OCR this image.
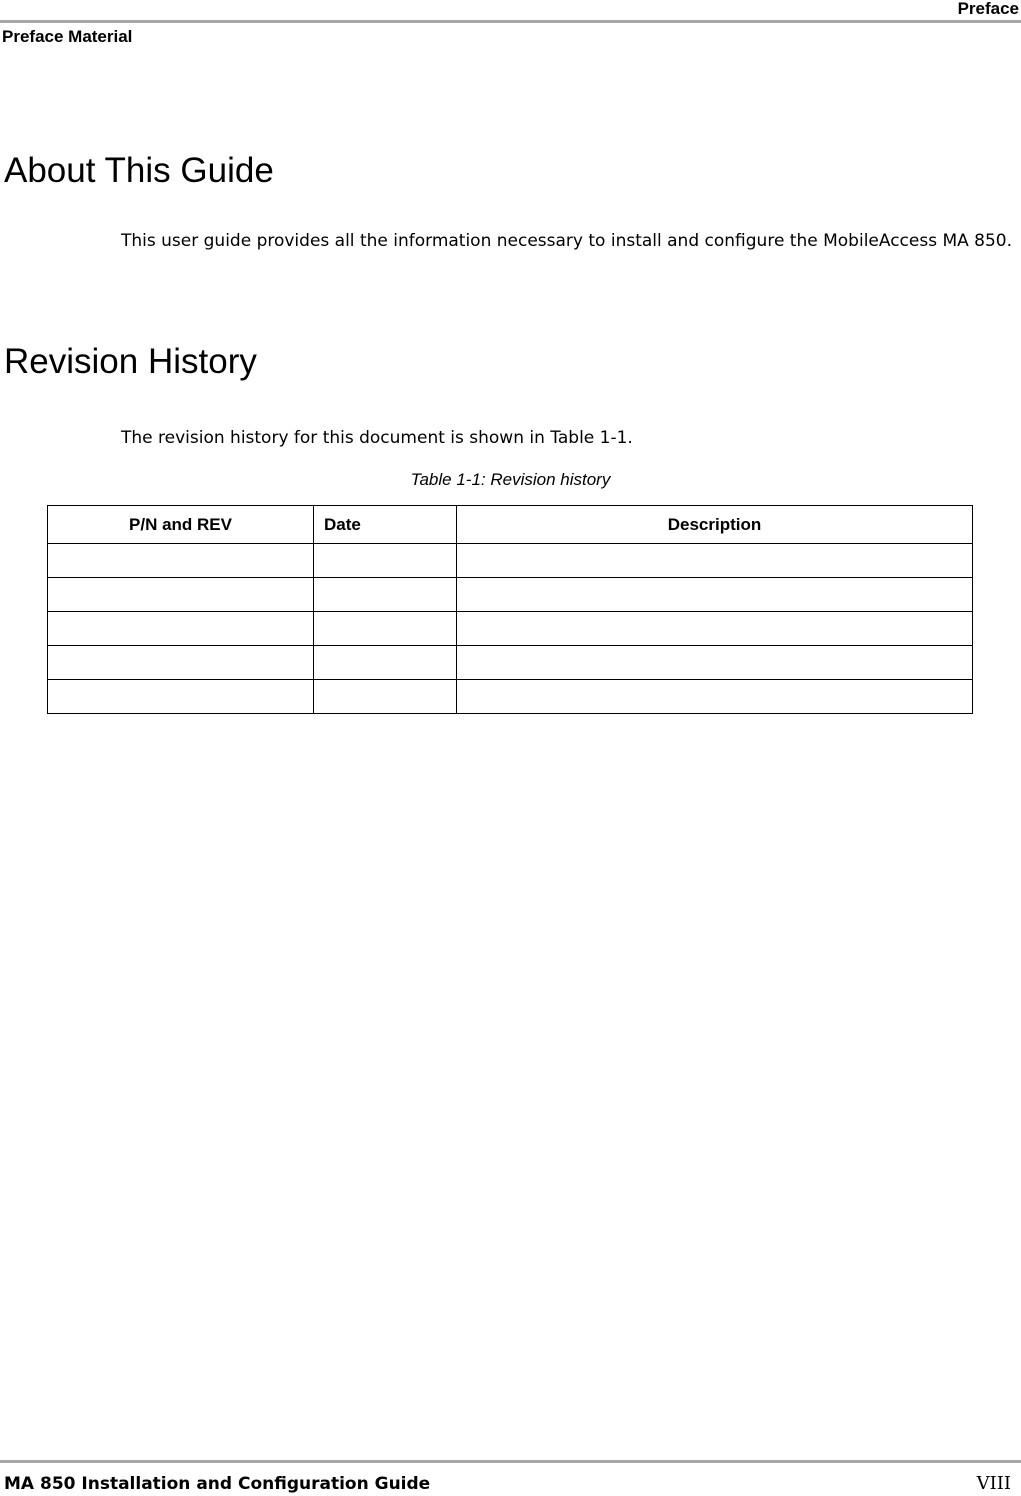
Preface
Preface Material
About This Guide

This user guide provides all the information necessary to install and configure the MobileAccess MA 850.

Revision History

The revision history for this document is shown in Table 1-1.

Table 1-1: Revision history
P/N and REV	Date	Description

MA 850 Installation and Configuration Guide	VIII
